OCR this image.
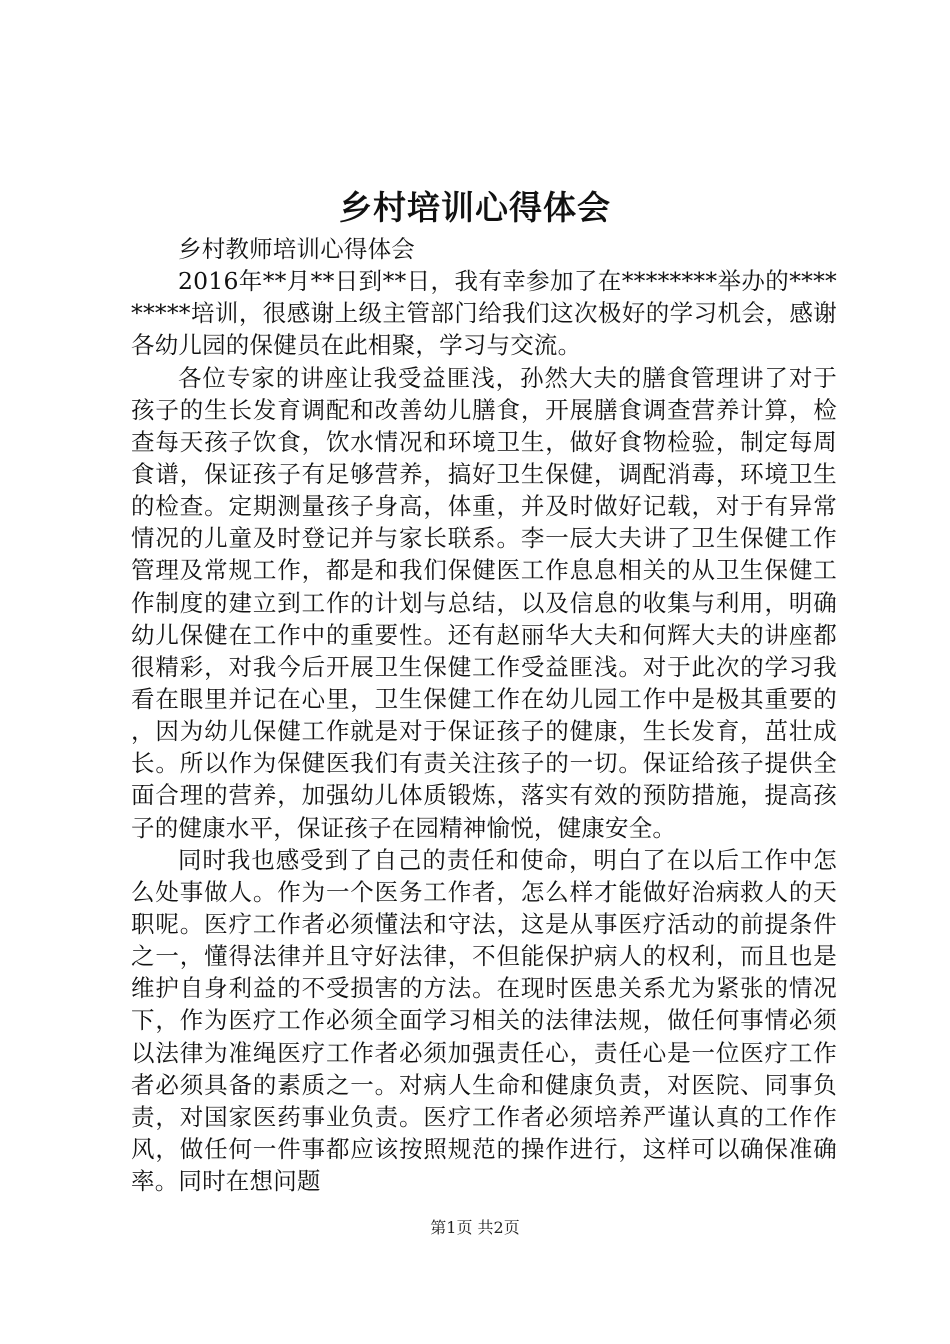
乡村培训心得体会

乡村教师培训心得体会

2016年**月**日到**日，我有幸参加了在********举办的*********培训，很感谢上级主管部门给我们这次极好的学习机会，感谢各幼儿园的保健员在此相聚，学习与交流。

各位专家的讲座让我受益匪浅，孙然大夫的膳食管理讲了对于孩子的生长发育调配和改善幼儿膳食，开展膳食调查营养计算，检查每天孩子饮食，饮水情况和环境卫生，做好食物检验，制定每周食谱，保证孩子有足够营养，搞好卫生保健，调配消毒，环境卫生的检查。定期测量孩子身高，体重，并及时做好记载，对于有异常情况的儿童及时登记并与家长联系。李一辰大夫讲了卫生保健工作管理及常规工作，都是和我们保健医工作息息相关的从卫生保健工作制度的建立到工作的计划与总结，以及信息的收集与利用，明确幼儿保健在工作中的重要性。还有赵丽华大夫和何辉大夫的讲座都很精彩，对我今后开展卫生保健工作受益匪浅。对于此次的学习我看在眼里并记在心里，卫生保健工作在幼儿园工作中是极其重要的，因为幼儿保健工作就是对于保证孩子的健康，生长发育，茁壮成长。所以作为保健医我们有责关注孩子的一切。保证给孩子提供全面合理的营养，加强幼儿体质锻炼，落实有效的预防措施，提高孩子的健康水平，保证孩子在园精神愉悦，健康安全。

同时我也感受到了自己的责任和使命，明白了在以后工作中怎么处事做人。作为一个医务工作者，怎么样才能做好治病救人的天职呢。医疗工作者必须懂法和守法，这是从事医疗活动的前提条件之一，懂得法律并且守好法律，不但能保护病人的权利，而且也是维护自身利益的不受损害的方法。在现时医患关系尤为紧张的情况下，作为医疗工作必须全面学习相关的法律法规，做任何事情必须以法律为准绳医疗工作者必须加强责任心，责任心是一位医疗工作者必须具备的素质之一。对病人生命和健康负责，对医院、同事负责，对国家医药事业负责。医疗工作者必须培养严谨认真的工作作风，做任何一件事都应该按照规范的操作进行，这样可以确保准确率。同时在想问题

第1页 共2页
